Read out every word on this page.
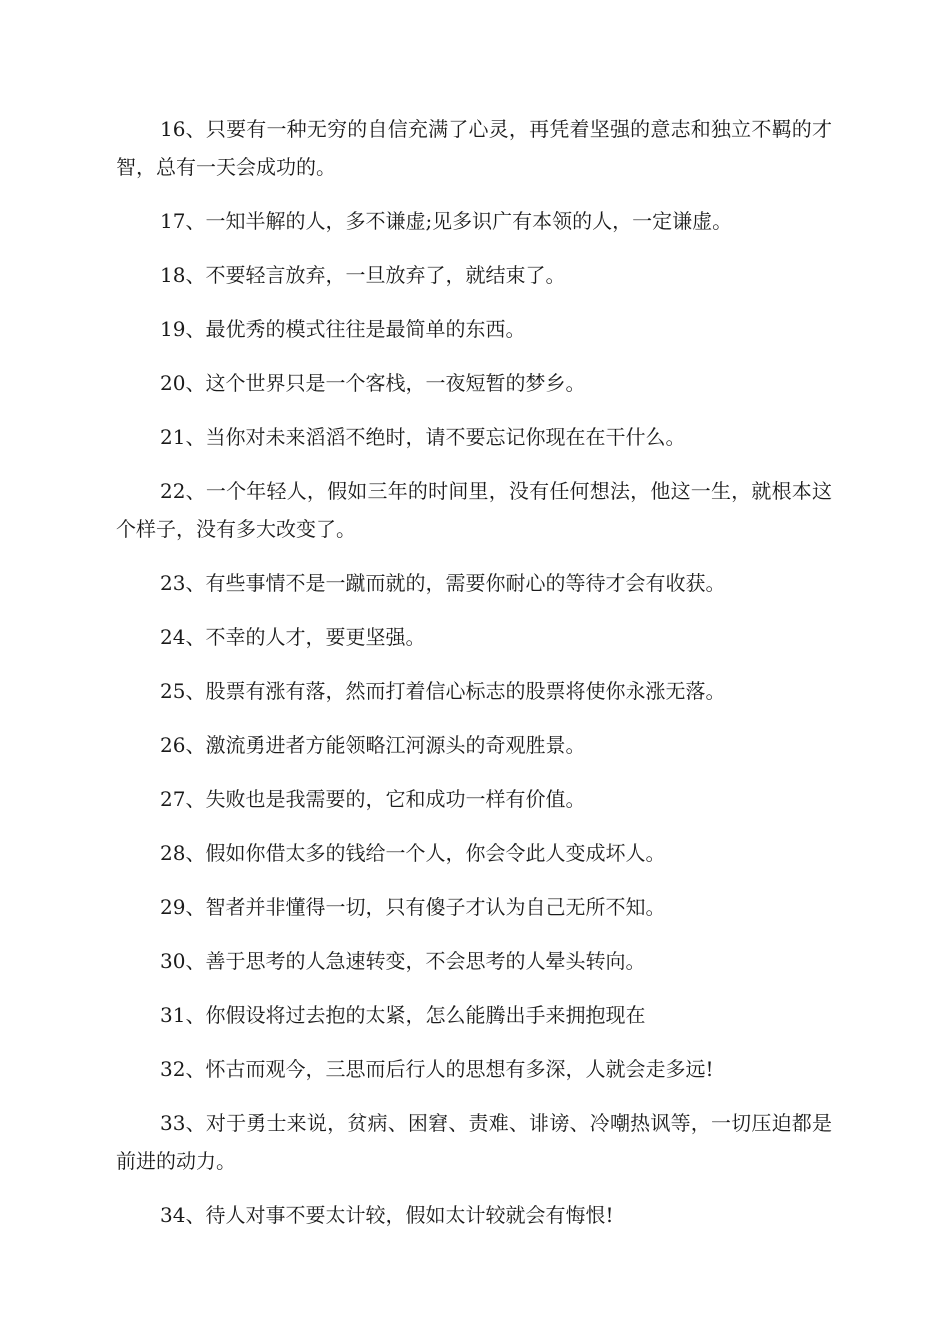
16、只要有一种无穷的自信充满了心灵，再凭着坚强的意志和独立不羁的才智，总有一天会成功的。

17、一知半解的人，多不谦虚;见多识广有本领的人，一定谦虚。

18、不要轻言放弃，一旦放弃了，就结束了。

19、最优秀的模式往往是最简单的东西。

20、这个世界只是一个客栈，一夜短暂的梦乡。

21、当你对未来滔滔不绝时，请不要忘记你现在在干什么。

22、一个年轻人，假如三年的时间里，没有任何想法，他这一生，就根本这个样子，没有多大改变了。

23、有些事情不是一蹴而就的，需要你耐心的等待才会有收获。

24、不幸的人才，要更坚强。

25、股票有涨有落，然而打着信心标志的股票将使你永涨无落。

26、激流勇进者方能领略江河源头的奇观胜景。

27、失败也是我需要的，它和成功一样有价值。

28、假如你借太多的钱给一个人，你会令此人变成坏人。

29、智者并非懂得一切，只有傻子才认为自己无所不知。

30、善于思考的人急速转变，不会思考的人晕头转向。

31、你假设将过去抱的太紧，怎么能腾出手来拥抱现在

32、怀古而观今，三思而后行人的思想有多深，人就会走多远!

33、对于勇士来说，贫病、困窘、责难、诽谤、冷嘲热讽等，一切压迫都是前进的动力。

34、待人对事不要太计较，假如太计较就会有悔恨!
